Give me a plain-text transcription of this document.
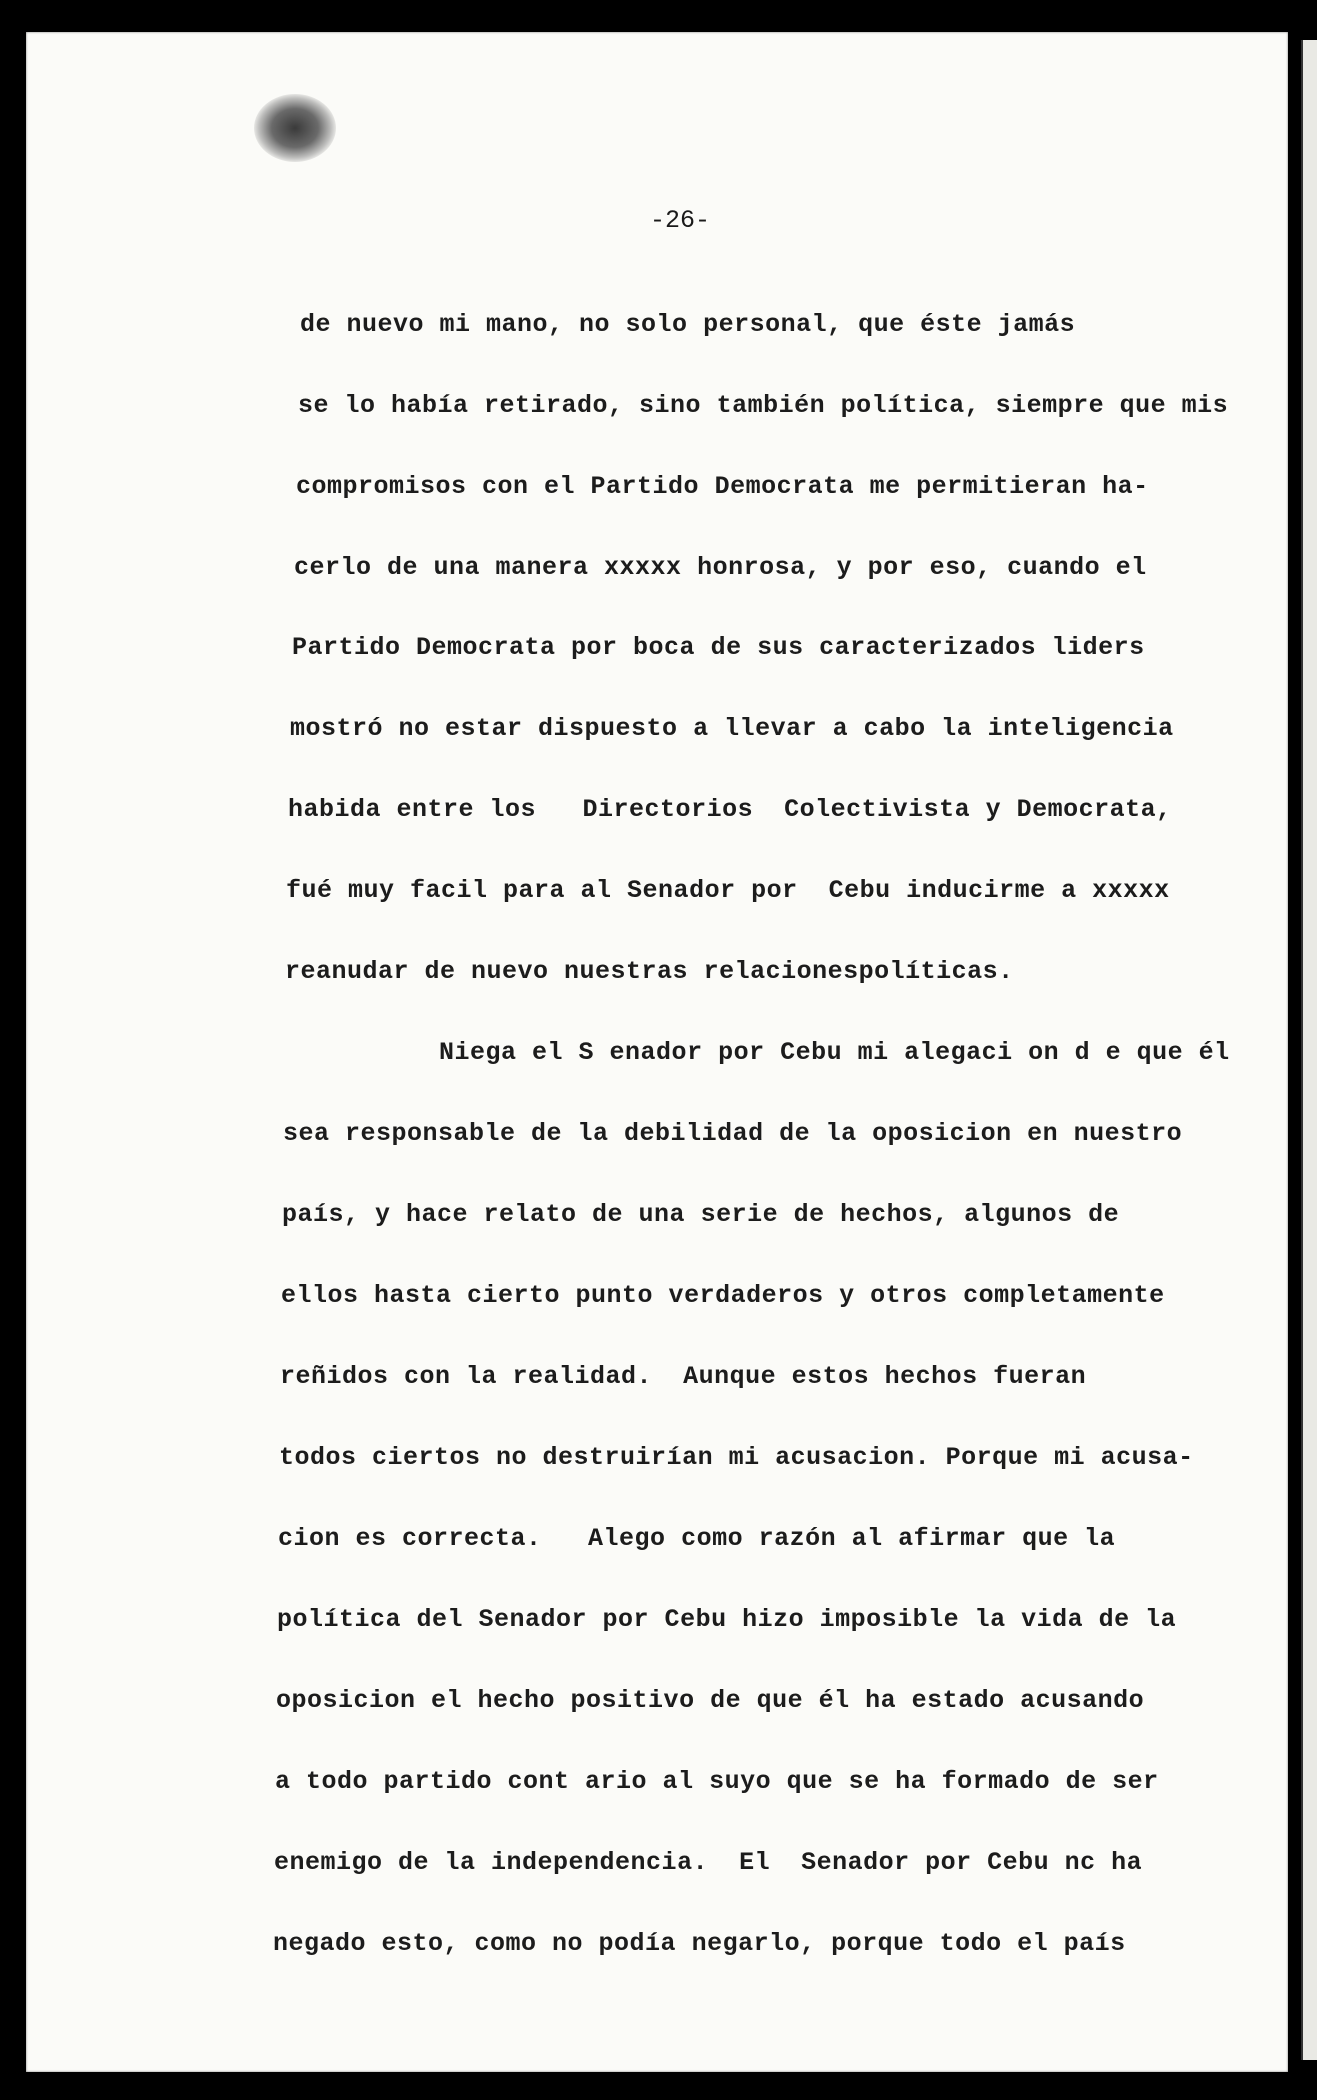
-26-
de nuevo mi mano, no solo personal, que éste jamás
se lo había retirado, sino también política, siempre que mis
compromisos con el Partido Democrata me permitieran ha-
cerlo de una manera xxxxx honrosa, y por eso, cuando el
Partido Democrata por boca de sus caracterizados liders
mostró no estar dispuesto a llevar a cabo la inteligencia
habida entre los   Directorios  Colectivista y Democrata,
fué muy facil para al Senador por  Cebu inducirme a xxxxx
reanudar de nuevo nuestras relacionespolíticas.
Niega el S enador por Cebu mi alegaci on d e que él
sea responsable de la debilidad de la oposicion en nuestro
país, y hace relato de una serie de hechos, algunos de
ellos hasta cierto punto verdaderos y otros completamente
reñidos con la realidad.  Aunque estos hechos fueran
todos ciertos no destruirían mi acusacion. Porque mi acusa-
cion es correcta.   Alego como razón al afirmar que la
política del Senador por Cebu hizo imposible la vida de la
oposicion el hecho positivo de que él ha estado acusando
a todo partido cont ario al suyo que se ha formado de ser
enemigo de la independencia.  El  Senador por Cebu nc ha
negado esto, como no podía negarlo, porque todo el país
